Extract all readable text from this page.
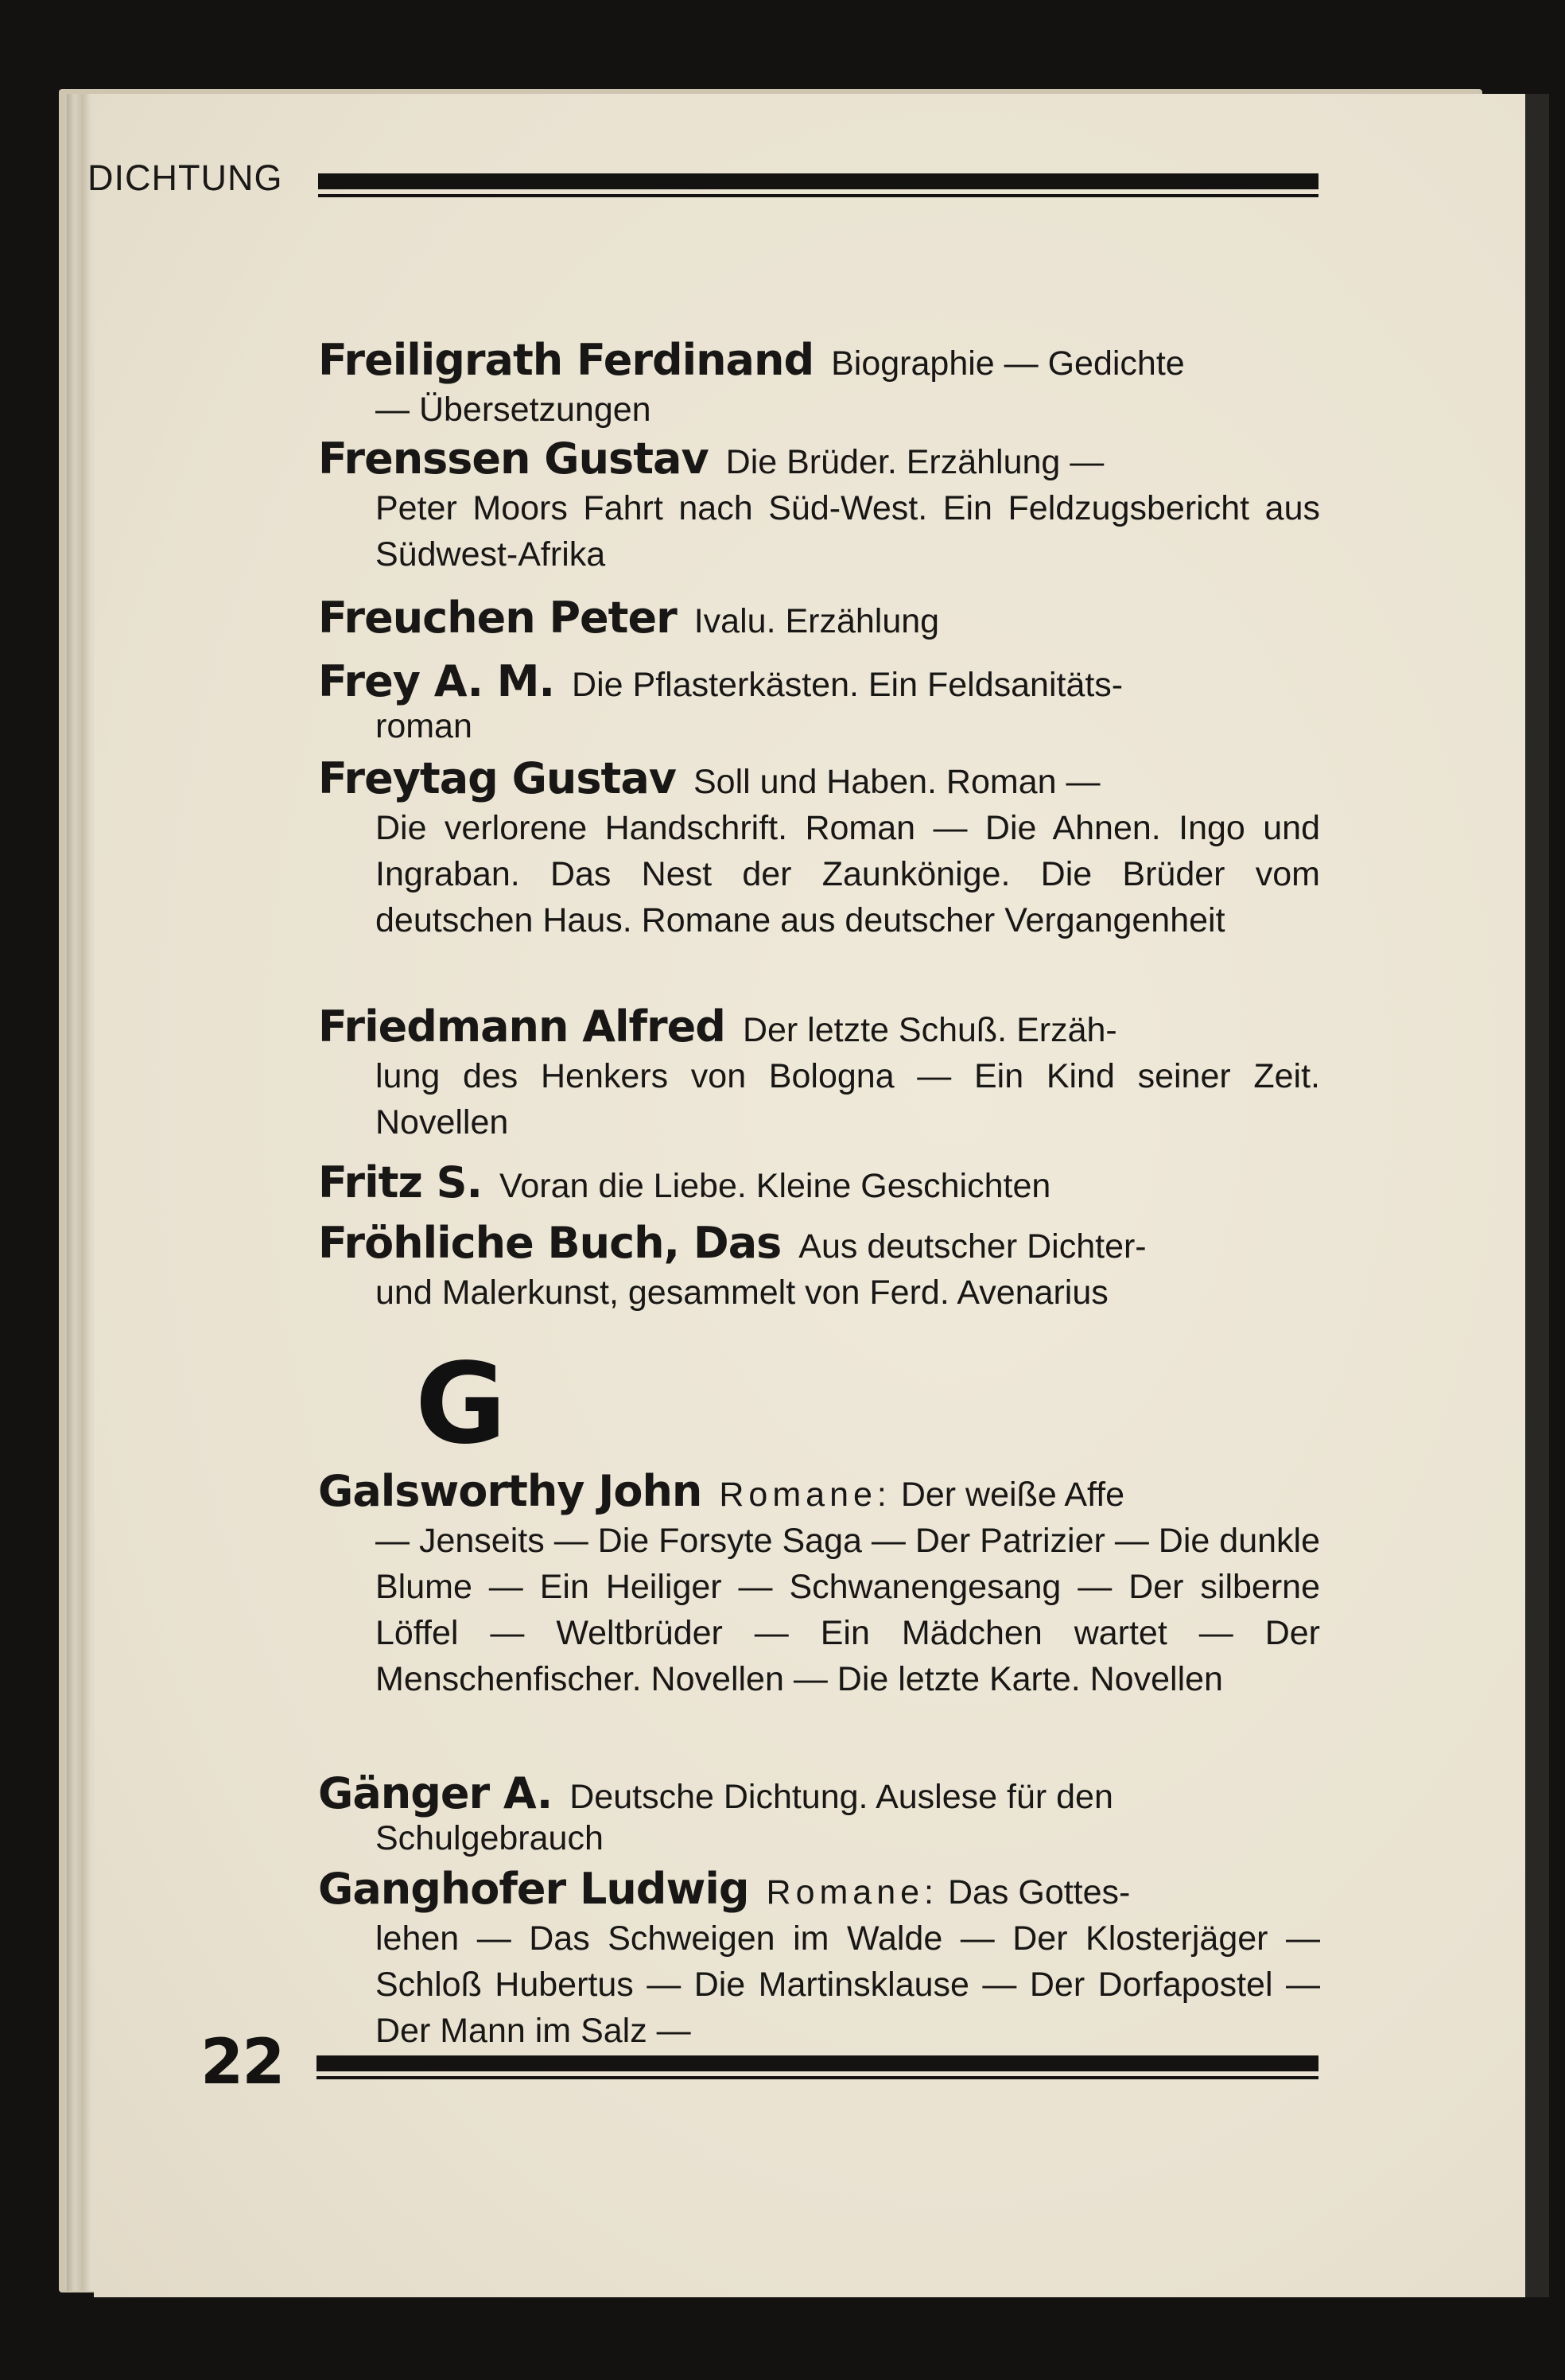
DICHTUNG
Freiligrath Ferdinand Biographie — Gedichte
— Übersetzungen
Frenssen Gustav Die Brüder. Erzählung —
Peter Moors Fahrt nach Süd-West. Ein Feldzugsbericht aus Südwest-Afrika
Freuchen Peter Ivalu. Erzählung
Frey A. M. Die Pflasterkästen. Ein Feldsanitäts-
roman
Freytag Gustav Soll und Haben. Roman —
Die verlorene Handschrift. Roman — Die Ahnen. Ingo und Ingraban. Das Nest der Zaunkönige. Die Brüder vom deutschen Haus. Romane aus deutscher Vergangenheit
Friedmann Alfred Der letzte Schuß. Erzäh-
lung des Henkers von Bologna — Ein Kind seiner Zeit. Novellen
Fritz S. Voran die Liebe. Kleine Geschichten
Fröhliche Buch, Das Aus deutscher Dichter-
und Malerkunst, gesammelt von Ferd. Avenarius
Galsworthy John Romane: Der weiße Affe
— Jenseits — Die Forsyte Saga — Der Patrizier — Die dunkle Blume — Ein Heiliger — Schwanengesang — Der silberne Löffel — Weltbrüder — Ein Mädchen wartet — Der Menschenfischer. Novellen — Die letzte Karte. Novellen
Gänger A. Deutsche Dichtung. Auslese für den
Schulgebrauch
Ganghofer Ludwig Romane: Das Gottes-
lehen — Das Schweigen im Walde — Der Klosterjäger — Schloß Hubertus — Die Martinsklause — Der Dorfapostel — Der Mann im Salz —
G
22
